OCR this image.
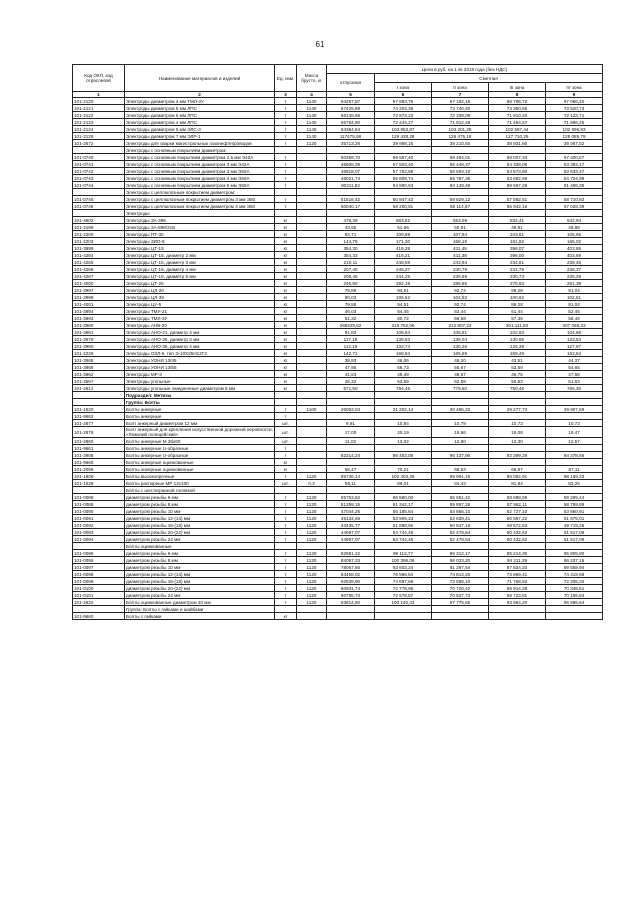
61
Код ОКП, код отраслевой	Наименование материалов и изделий	Ед. изм.	Масса брутто, кг	Цена в руб. на 1 кв 2018 года (без НДС)				
				отпускная	Сметная			
					I зона	II зона	III зона	IV зона
1	2	3	4	5	6	7	8	9
101-2120	Электроды диаметром 4 мм ТМЛ-3У	т	1140	54287,87	67 893,75	67 192,16	66 796,72	67 066,40
101-2121	Электроды диаметром 5 мм ЛПС	т	1140	67425,89	74 203,36	73 740,40	73 350,55	73 520,73
101-2122	Электроды диаметром 6 мм ЛПС	т	1140	66145,68	72 873,23	72 339,09	71 910,20	72 123,71
101-2123	Электроды диаметром 4 мм ЛПС	т	1140	65754,80	72 444,27	71 912,48	71 484,57	71 696,45
101-2124	Электроды диаметром 5 мм ЭЛС-3	т	1140	94364,64	103 953,87	103 201,28	102 567,44	102 896,83
101-2125	Электроды диаметром 7 мм ЭЛР-1	т	1140	117475,68	129 428,28	128 475,18	127 710,29	128 085,79
101-2572	Электроды для сварки магистральных газонефтепроводов	т	1120	35713,28	39 958,16	39 210,50	38 931,60	39 067,52
	Электроды с основным покрытием диаметром:							
101-0740	Электроды с основным покрытием диаметром 2,5 мм Э42А	т		50369,70	59 567,40	58 494,01	58 007,33	57 400,67
101-0741	Электроды с основным покрытием диаметром 3 мм Э42А	т		46608,39	57 503,40	56 448,37	54 338,08	53 393,17
101-0742	Электроды с основным покрытием диаметром 3 мм Э50А	т		46818,07	57 752,98	56 693,19	54 573,80	53 633,47
101-0743	Электроды с основным покрытием диаметром 4 мм Э50А	т		48021,74	56 809,74	55 787,35	53 682,59	54 724,99
101-0744	Электроды с основным покрытием диаметром 5 мм Э50А	т		80211,82	94 890,63	93 149,48	89 667,29	91 406,35
	Электроды с целлюлозным покрытием диаметром:							
101-0745	Электроды с целлюлозным покрытием диаметром 3 мм Э50	т		51516,42	60 947,43	59 829,12	57 592,51	58 710,82
101-0746	Электроды с целлюлозным покрытием диаметром 4 мм Э50	т		50040,17	59 200,91	58 114,67	55 942,16	57 028,39
	Электроды							
101-4802	Электроды ЗА-395	кг		476,39	563,62	553,09	532,41	542,94
101-2199	Электроды ЗА-898/21Б	кг		43,65	51,66	50,91	49,81	49,88
101-2200	Электроды ПТ-30	кг		92,71	109,69	107,64	103,61	105,65
101-2203	Электроды ЗИО-8	кг		144,79	171,30	168,19	161,82	165,02
101-3999	Электроды ЦТ-15	кг		354,30	419,28	411,45	396,07	403,86
101-4264	Электроды ЦТ-15, диаметр 2 мм	кг		354,33	419,21	411,38	396,00	403,69
101-4265	Электроды ЦТ-15, диаметр 3 мм	кг		210,11	248,59	243,94	234,81	239,46
101-4266	Электроды ЦТ-15, диаметр 4 мм	кг		207,40	245,37	240,79	231,78	236,37
101-4267	Электроды ЦТ-15, диаметр 5 мм	кг		206,45	244,25	239,69	230,73	235,29
101-4000	Электроды ЦТ-26	кг		246,90	292,19	286,65	275,93	281,39
101-3997	Электроды ЦЛ-20	кг		79,88	94,51	92,74	89,28	91,04
101-3998	Электроды ЦЛ-39	кг		90,03	106,52	104,53	100,62	102,61
101-4001	Электроды ЦУ-5	кг		79,88	94,51	92,74	89,28	91,04
101-3994	Электроды ТМУ-21	кг		46,03	54,45	53,44	51,44	52,45
101-3993	Электроды ТМЛ-3У	кг		51,32	60,72	59,58	57,36	58,49
101-3960	Электроды АНВ-20	кг		269429,62	318 762,06	312 807,22	301 111,50	307 068,33
101-3961	Электроды АНО-21, диаметр 4 мм	кг		91,83	108,64	106,61	102,63	104,66
101-3979	Электроды АНО-36, диаметр 3 мм	кг		117,18	138,63	136,04	130,95	133,54
101-3980	Электроды АНО-36, диаметр 4 мм	кг		112,19	132,74	130,26	125,39	127,87
101-2226	Электроды ОЗЛ-6, тип Э-10Х25Н13Г2	кг		142,71	168,84	165,69	159,49	162,64
101-3965	Электроды УОНИ 13/45	кг		38,93	46,06	45,20	43,51	44,37
101-3966	Электроды УОНИ 13/55	кг		47,95	56,73	55,67	53,59	54,65
101-3962	Электроды МР-3	кг		41,83	49,49	48,57	46,75	47,68
101-2557	Электроды угольные	кг		45,32	53,59	52,59	50,63	51,63
101-2612	Электроды угольные омедненные диаметром 8 мм	кг		671,50	794,45	779,60	750,46	765,30
	Подраздел: Метизы							
	Группа: Болты							
101-1520	Болты анкерные	т	1100	26053,04	31 202,14	30 465,32	29 277,73	29 907,89
101-9662	Болты анкерные	т						
101-2877	Болт анкерный диаметром 12 мм	шт.		9,91	10,84	10,79	10,73	10,73
101-2878	Болт анкерный для крепления искусственной дорожной неровности, «Лежачий полицейский»	шт.		17,00	20,19	19,86	19,08	19,47
101-2860	Болты анкерные М 28х60	шт.		11,02	13,02	12,80	12,30	12,57
101-9661	Болты анкерные U-образные	т						
101-3908	Болты анкерные U-образные	т		82214,24	98 483,08	96 137,90	92 399,29	94 378,66
101-9665	Болты анкерные оцинкованные	кг						
101-2096	Болты анкерные оцинкованные	кг		58,47	70,21	68,53	65,87	67,11
101-1806	Болты высокопрочные	т	1120	85736,14	102 403,25	99 991,16	96 092,91	98 159,23
101-1528	Болты распорные МР 12х100	шт.	0,3	55,11	86,01	84,43	81,84	83,26
	Болты с шестигранной головкой							
101-0088	диаметром резьбы 6 мм	т	1120	55753,62	66 580,00	65 651,42	58 688,59	59 299,44
101-0089	диаметром резьбы 8 мм	т	1120	51359,15	61 342,17	59 897,26	57 562,11	58 799,89
101-0090	диаметром резьбы 10 мм	т	1120	47044,25	56 185,64	54 865,10	52 727,10	53 860,91
101-0091	диаметром резьбы 12-(14) мм	т	1120	45134,69	53 909,23	52 639,41	50 587,22	51 675,01
101-0092	диаметром резьбы 16-(18) мм	т	1120	43435,77	51 888,92	50 647,16	48 672,63	49 719,26
101-0093	диаметром резьбы 20-(22) мм	т	1120	44997,07	53 744,45	52 478,54	50 432,62	51 517,09
101-0094	диаметром резьбы 24 мм	т	1120	44997,07	53 744,45	52 478,54	50 432,62	51 517,09
	Болты оцинкованные							
101-0095	диаметром резьбы 6 мм	т	1120	82981,22	99 112,77	96 312,17	95 214,30	95 805,80
101-0096	диаметром резьбы 8 мм	т	1120	84057,33	100 396,06	98 033,20	94 211,29	96 237,15
101-0097	диаметром резьбы 10 мм	т	1120	78067,66	93 603,24	91 297,54	87 834,33	89 559,94
101-0098	диаметром резьбы 12-(14) мм	т	1120	64458,02	76 988,64	74 813,20	73 869,41	74 419,88
101-0099	диаметром резьбы 16-(18) мм	т	1120	62539,90	74 697,68	72 585,10	71 768,52	72 205,32
101-0100	диаметром резьбы 20-(22) мм	т	1120	60931,74	72 776,96	70 720,42	69 914,28	70 348,61
101-0101	диаметром резьбы 24 мм	т	1120	60765,73	72 578,57	70 527,73	69 723,81	70 155,84
101-2632	Болты оцинкованные диаметром 30 мм	т	1120	83814,60	100 140,43	97 775,65	93 964,20	95 986,64
	Группа: Болты с гайками и шайбами							
101-9660	Болты с гайками	кг						
